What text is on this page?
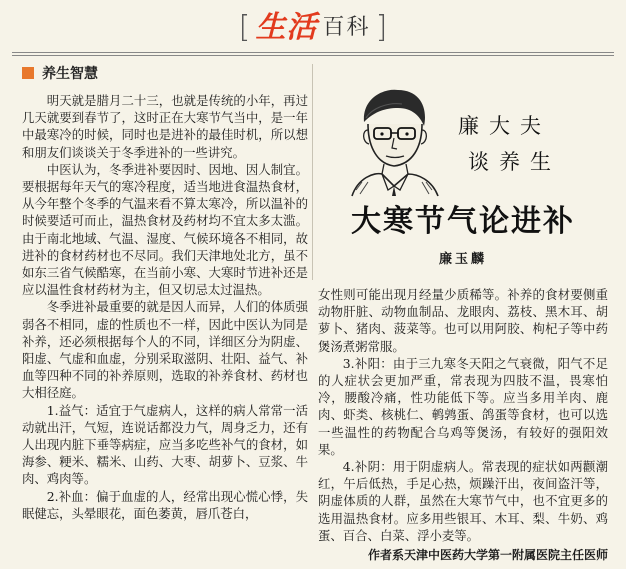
[ 生活 百科 ]
养生智慧

明天就是腊月二十三，也就是传统的小年，再过几天就要到春节了，这时正在大寒节气当中，是一年中最寒冷的时候，同时也是进补的最佳时机，所以想和朋友们谈谈关于冬季进补的一些讲究。

中医认为，冬季进补要因时、因地、因人制宜。要根据每年天气的寒冷程度，适当地进食温热食材，从今年整个冬季的气温来看不算太寒冷，所以温补的时候要适可而止，温热食材及药材均不宜太多太滥。由于南北地域、气温、湿度、气候环境各不相同，故进补的食材药材也不尽同。我们天津地处北方，虽不如东三省气候酷寒，在当前小寒、大寒时节进补还是应以温性食材药材为主，但又切忌太过温热。

冬季进补最重要的就是因人而异，人们的体质强弱各不相同，虚的性质也不一样，因此中医认为同是补养，还必须根据每个人的不同，详细区分为阴虚、阳虚、气虚和血虚，分别采取滋阴、壮阳、益气、补血等四种不同的补养原则，选取的补养食材、药材也大相径庭。

1.益气：适宜于气虚病人，这样的病人常常一活动就出汗，气短，连说话都没力气，周身乏力，还有人出现内脏下垂等病症，应当多吃些补气的食材，如海参、粳米、糯米、山药、大枣、胡萝卜、豆浆、牛肉、鸡肉等。

2.补血：偏于血虚的人，经常出现心慌心悸，失眠健忘，头晕眼花，面色萎黄，唇爪苍白，

廉大夫
谈养生
大寒节气论进补
廉玉麟

女性则可能出现月经量少质稀等。补养的食材要侧重动物肝脏、动物血制品、龙眼肉、荔枝、黑木耳、胡萝卜、猪肉、菠菜等。也可以用阿胶、枸杞子等中药煲汤煮粥常服。

3.补阳：由于三九寒冬天阳之气衰微，阳气不足的人症状会更加严重，常表现为四肢不温，畏寒怕冷，腰酸冷痛，性功能低下等。应当多用羊肉、鹿肉、虾类、核桃仁、鹌鹑蛋、鸽蛋等食材，也可以选一些温性的药物配合乌鸡等煲汤，有较好的强阳效果。

4.补阴：用于阴虚病人。常表现的症状如两颧潮红，午后低热，手足心热，烦躁汗出，夜间盗汗等，阴虚体质的人群，虽然在大寒节气中，也不宜更多的选用温热食材。应多用些银耳、木耳、梨、牛奶、鸡蛋、百合、白菜、浮小麦等。

作者系天津中医药大学第一附属医院主任医师
